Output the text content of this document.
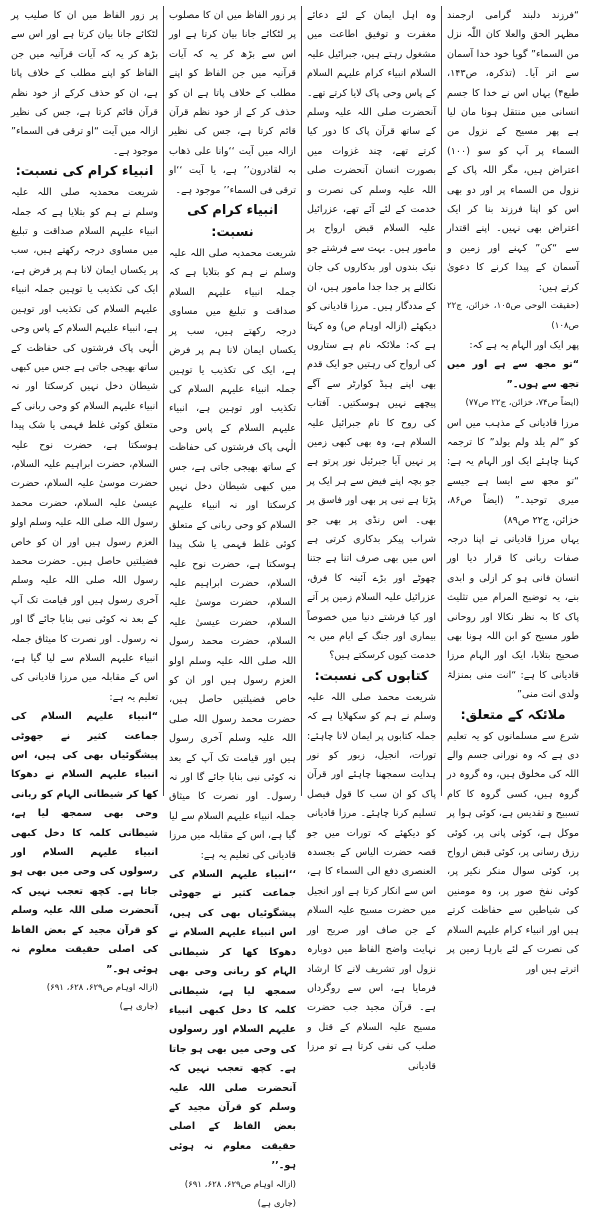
“فرزند دلبند گرامی ارجمند مظہر الحق والعلا کان اللّٰہ نزل من السماء” گویا خود خدا آسمان سے اتر آیا۔ (تذکرہ، ص۱۴۳، طبع۴) یہاں اس نے خدا کا جسم انسانی میں منتقل ہونا مان لیا ہے پھر مسیح کے نزول من السماء پر آپ کو سو (۱۰۰) اعتراض ہیں، مگر اللہ پاک کے نزول من السماء پر اور دو بھی اس کو اپنا فرزند بنا کر ایک اعتراض بھی نہیں۔ اپنے اقتدار سے “کن” کہنے اور زمین و آسمان کے پیدا کرنے کا دعویٰ کرتے ہیں:

(حقیقت الوحی ص۱۰۵، خزائن، ج۲۲ ص۱۰۸)

پھر ایک اور الہام یہ ہے کہ:

“تو مجھ سے ہے اور میں تجھ سے ہوں۔”

(ایضاً ص۷۴، خزائن، ج۲۲ ص۷۷)

مرزا قادیانی کے مذہب میں اس کو “لم یلد ولم یولد” کا ترجمہ کہنا چاہئے ایک اور الہام یہ ہے: “تو مجھ سے ایسا ہے جیسے میری توحید۔” (ایضاً ص۸۶، خزائن، ج۲۲ ص۸۹)

یہاں مرزا قادیانی نے اپنا درجہ صفات ربانی کا قرار دیا اور انسان فانی ہو کر ازلی و ابدی بنے، یہ توضیح المرام میں تثلیث پاک کا بہ نظر نکالا اور روحانی طور مسیح کو ابن اللہ ہونا بھی صحیح بتلایا، ایک اور الہام مرزا قادیانی کا ہے: “انت منی بمنزلۃ ولدی انت منی”

ملائکہ کے متعلق:

شرع سے مسلمانوں کو یہ تعلیم دی ہے کہ وہ نورانی جسم والے اللہ کی مخلوق ہیں، وہ گروہ در گروہ ہیں، کسی گروہ کا کام تسبیح و تقدیس ہے، کوئی ہوا پر موکل ہے، کوئی پانی پر، کوئی رزق رسانی پر، کوئی قبض ارواح پر، کوئی سوال منکر نکیر پر، کوئی نفخ صور پر، وہ مومنین کی شیاطین سے حفاظت کرتے ہیں اور انبیاء کرام علیہم السلام کی نصرت کے لئے بارہا زمین پر اترتے ہیں اور

وہ اہل ایمان کے لئے دعائے مغفرت و توفیق اطاعت میں مشغول رہتے ہیں، جبرائیل علیہ السلام انبیاء کرام علیہم السلام کے پاس وحی پاک لایا کرتے تھے۔ آنحضرت صلی اللہ علیہ وسلم کے ساتھ قرآن پاک کا دور کیا کرتے تھے، چند غزوات میں بصورت انسان آنحضرت صلی اللہ علیہ وسلم کی نصرت و خدمت کے لئے آئے تھے، عزرائیل علیہ السلام قبض ارواح پر مامور ہیں۔ بہت سے فرشتے جو نیک بندوں اور بدکاروں کی جان نکالنے پر جدا جدا مامور ہیں، ان کے مددگار ہیں۔ مرزا قادیانی کو دیکھئے (ازالہ اوہام ص) وہ کہتا ہے کہ: ملائکہ نام ہے ستاروں کی ارواح کی رہتیں جو ایک قدم بھی اپنے ہیڈ کوارٹر سے آگے پیچھے نہیں ہوسکتیں۔ آفتاب کی روح کا نام جبرائیل علیہ السلام ہے، وہ بھی کبھی زمین پر نہیں آیا جبرئیل نور پرتو ہے جو بچہ اپنے فیض سے ہر ایک پر پڑتا ہے نبی پر بھی اور فاسق پر بھی۔ اس رنڈی پر بھی جو شراب پیکر بدکاری کرتی ہے اس میں بھی صرف اتنا ہے جتنا چھوٹے اور بڑے آئینہ کا فرق، عزرائیل علیہ السلام زمین پر آتے اور کیا فرشتے دنیا میں خصوصاً بیماری اور جنگ کے ایام میں بہ خدمت کیوں کرسکتے ہیں؟

کتابوں کی نسبت:

شریعت محمد صلی اللہ علیہ وسلم نے ہم کو سکھلایا ہے کہ جملہ کتابوں پر ایمان لانا چاہئے: تورات، انجیل، زبور کو نور ہدایت سمجھنا چاہئے اور قرآن پاک کو ان سب کا قول فیصل تسلیم کرنا چاہئے۔ مرزا قادیانی کو دیکھئے کہ تورات میں جو قصہ حضرت الیاس کے بجسدہ العنصری دفع الی السماء کا ہے، اس سے انکار کرتا ہے اور انجیل میں حضرت مسیح علیہ السلام کے جن صاف اور صریح اور نہایت واضح الفاظ میں دوبارہ نزول اور تشریف لانے کا ارشاد فرمایا ہے، اس سے روگرداں ہے۔ قرآن مجید جب حضرت مسیح علیہ السلام کے قتل و صلب کی نفی کرتا ہے تو مرزا قادیانی

پر زور الفاظ میں ان کا مصلوب پر لٹکائے جانا بیان کرتا ہے اور اس سے بڑھ کر یہ کہ آیات قرآنیہ میں جن الفاظ کو اپنے مطلب کے خلاف پاتا ہے ان کو حذف کر کے از خود نظم قرآن قائم کرتا ہے، جس کی نظیر ازالہ میں آیت ‘‘وانا علی ذھاب بہ لقادرون’’ ہے، یا آیت ‘‘او ترقی فی السماء’’ موجود ہے۔

انبیاء کرام کی نسبت:

شریعت محمدیہ صلی اللہ علیہ وسلم نے ہم کو بتلایا ہے کہ جملہ انبیاء علیہم السلام صداقت و تبلیغ میں مساوی درجہ رکھتے ہیں، سب پر یکساں ایمان لانا ہم پر فرض ہے، ایک کی تکذیب یا توہین جملہ انبیاء علیہم السلام کی تکذیب اور توہین ہے، انبیاء علیہم السلام کے پاس وحی الٰہی پاک فرشتوں کی حفاظت کے ساتھ بھیجی جاتی ہے، جس میں کبھی شیطان دخل نہیں کرسکتا اور نہ انبیاء علیہم السلام کو وحی ربانی کے متعلق کوئی غلط فہمی یا شک پیدا ہوسکتا ہے، حضرت نوح علیہ السلام، حضرت ابراہیم علیہ السلام، حضرت موسیٰ علیہ السلام، حضرت عیسیٰ علیہ السلام، حضرت محمد رسول اللہ صلی اللہ علیہ وسلم اولو العزم رسول ہیں اور ان کو خاص فضیلتیں حاصل ہیں، حضرت محمد رسول اللہ صلی اللہ علیہ وسلم آخری رسول ہیں اور قیامت تک آپ کے بعد نہ کوئی نبی بنایا جائے گا اور نہ رسول۔ اور نصرت کا میثاق جملہ انبیاء علیہم السلام سے لیا گیا ہے، اس کے مقابلہ میں مرزا قادیانی کی تعلیم یہ ہے:

‘‘انبیاء علیہم السلام کی جماعت کثیر نے جھوٹی پیشگوئیاں بھی کی ہیں، اس انبیاء علیہم السلام نے دھوکا کھا کر شیطانی الہام کو ربانی وحی بھی سمجھ لیا ہے، شیطانی کلمہ کا دخل کبھی انبیاء علیہم السلام اور رسولوں کی وحی میں بھی ہو جاتا ہے۔ کچھ تعجب نہیں کہ آنحضرت صلی اللہ علیہ وسلم کو قرآن مجید کے بعض الفاظ کے اصلی حقیقت معلوم نہ ہوئی ہو۔’’

(ازالہ اوہام ص۶۲۹، ۶۲۸، ۶۹۱)

(جاری ہے)

پر زور الفاظ میں ان کا صلیب پر لٹکائے جانا بیان کرتا ہے اور اس سے بڑھ کر یہ کہ آیات قرآنیہ میں جن الفاظ کو اپنے مطلب کے خلاف پاتا ہے، ان کو حذف کرکے از خود نظم قرآن قائم کرتا ہے، جس کی نظیر ازالہ میں آیت “او ترقی فی السماء” موجود ہے۔

انبیاء کرام کی نسبت:

شریعت محمدیہ صلی اللہ علیہ وسلم نے ہم کو بتلایا ہے کہ جملہ انبیاء علیہم السلام صداقت و تبلیغ میں مساوی درجہ رکھتے ہیں، سب پر یکساں ایمان لانا ہم پر فرض ہے، ایک کی تکذیب یا توہین جملہ انبیاء علیہم السلام کی تکذیب اور توہین ہے، انبیاء علیہم السلام کے پاس وحی الٰہی پاک فرشتوں کی حفاظت کے ساتھ بھیجی جاتی ہے جس میں کبھی شیطان دخل نہیں کرسکتا اور نہ انبیاء علیہم السلام کو وحی ربانی کے متعلق کوئی غلط فہمی یا شک پیدا ہوسکتا ہے، حضرت نوح علیہ السلام، حضرت ابراہیم علیہ السلام، حضرت موسیٰ علیہ السلام، حضرت عیسیٰ علیہ السلام، حضرت محمد رسول اللہ صلی اللہ علیہ وسلم اولو العزم رسول ہیں اور ان کو خاص فضیلتیں حاصل ہیں۔ حضرت محمد رسول اللہ صلی اللہ علیہ وسلم آخری رسول ہیں اور قیامت تک آپ کے بعد نہ کوئی نبی بنایا جائے گا اور نہ رسول۔ اور نصرت کا میثاق جملہ انبیاء علیہم السلام سے لیا گیا ہے، اس کے مقابلہ میں مرزا قادیانی کی تعلیم یہ ہے:

“انبیاء علیہم السلام کی جماعت کثیر نے جھوٹی پیشگوئیاں بھی کی ہیں، اس انبیاء علیہم السلام نے دھوکا کھا کر شیطانی الہام کو ربانی وحی بھی سمجھ لیا ہے، شیطانی کلمہ کا دخل کبھی انبیاء علیہم السلام اور رسولوں کی وحی میں بھی ہو جاتا ہے۔ کچھ تعجب نہیں کہ آنحضرت صلی اللہ علیہ وسلم کو قرآن مجید کے بعض الفاظ کی اصلی حقیقت معلوم نہ ہوئی ہو۔”

(ازالہ اوہام ص۶۲۹، ۶۲۸، ۶۹۱)

(جاری ہے)
